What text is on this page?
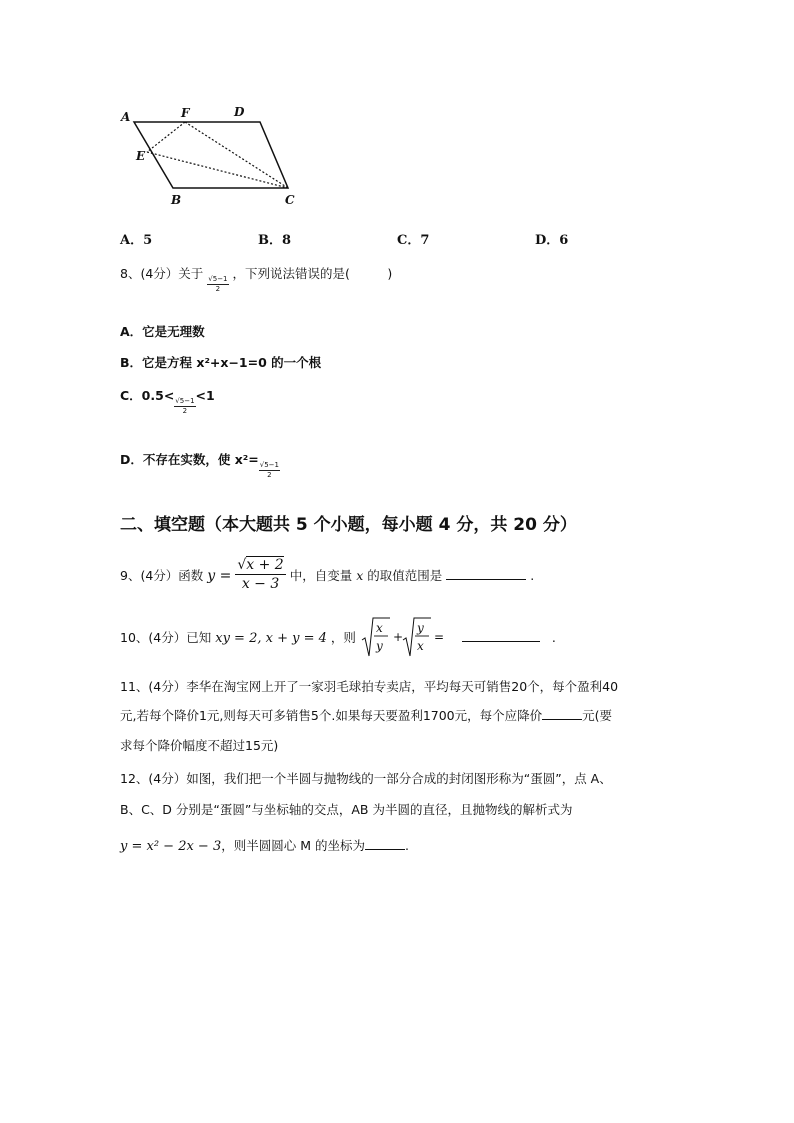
A	F	D
E
B	C
A．5	B．8	C．7	D．6
8、(4分）关于
$\frac{√5-1}{2}$
，下列说法错误的是(　　　)
A．它是无理数
B．它是方程 x²+x−1=0 的一个根
C．0.5<
$\frac{√5-1}{2}$
<1
D．不存在实数，使 x²=
$\frac{√5-1}{2}$
二、填空题（本大题共 5 个小题，每小题 4 分，共 20 分）
9、(4分）函数 $y = \frac{√x + 2}{x - 3}$ 中，自变量 x 的取值范围是	.
10、(4分）已知 xy = 2, x + y = 4 ，则
x
y
+
y
x
=	.
11、(4分）李华在淘宝网上开了一家羽毛球拍专卖店，平均每天可销售20个，每个盈利40
元,若每个降价1元,则每天可多销售5个.如果每天要盈利1700元，每个应降价	元(要
求每个降价幅度不超过15元)
12、(4分）如图，我们把一个半圆与抛物线的一部分合成的封闭图形称为“蛋圆”，点 A、
B、C、D 分别是“蛋圆”与坐标轴的交点，AB 为半圆的直径，且抛物线的解析式为
y = x² − 2x − 3，则半圆圆心 M 的坐标为	.
